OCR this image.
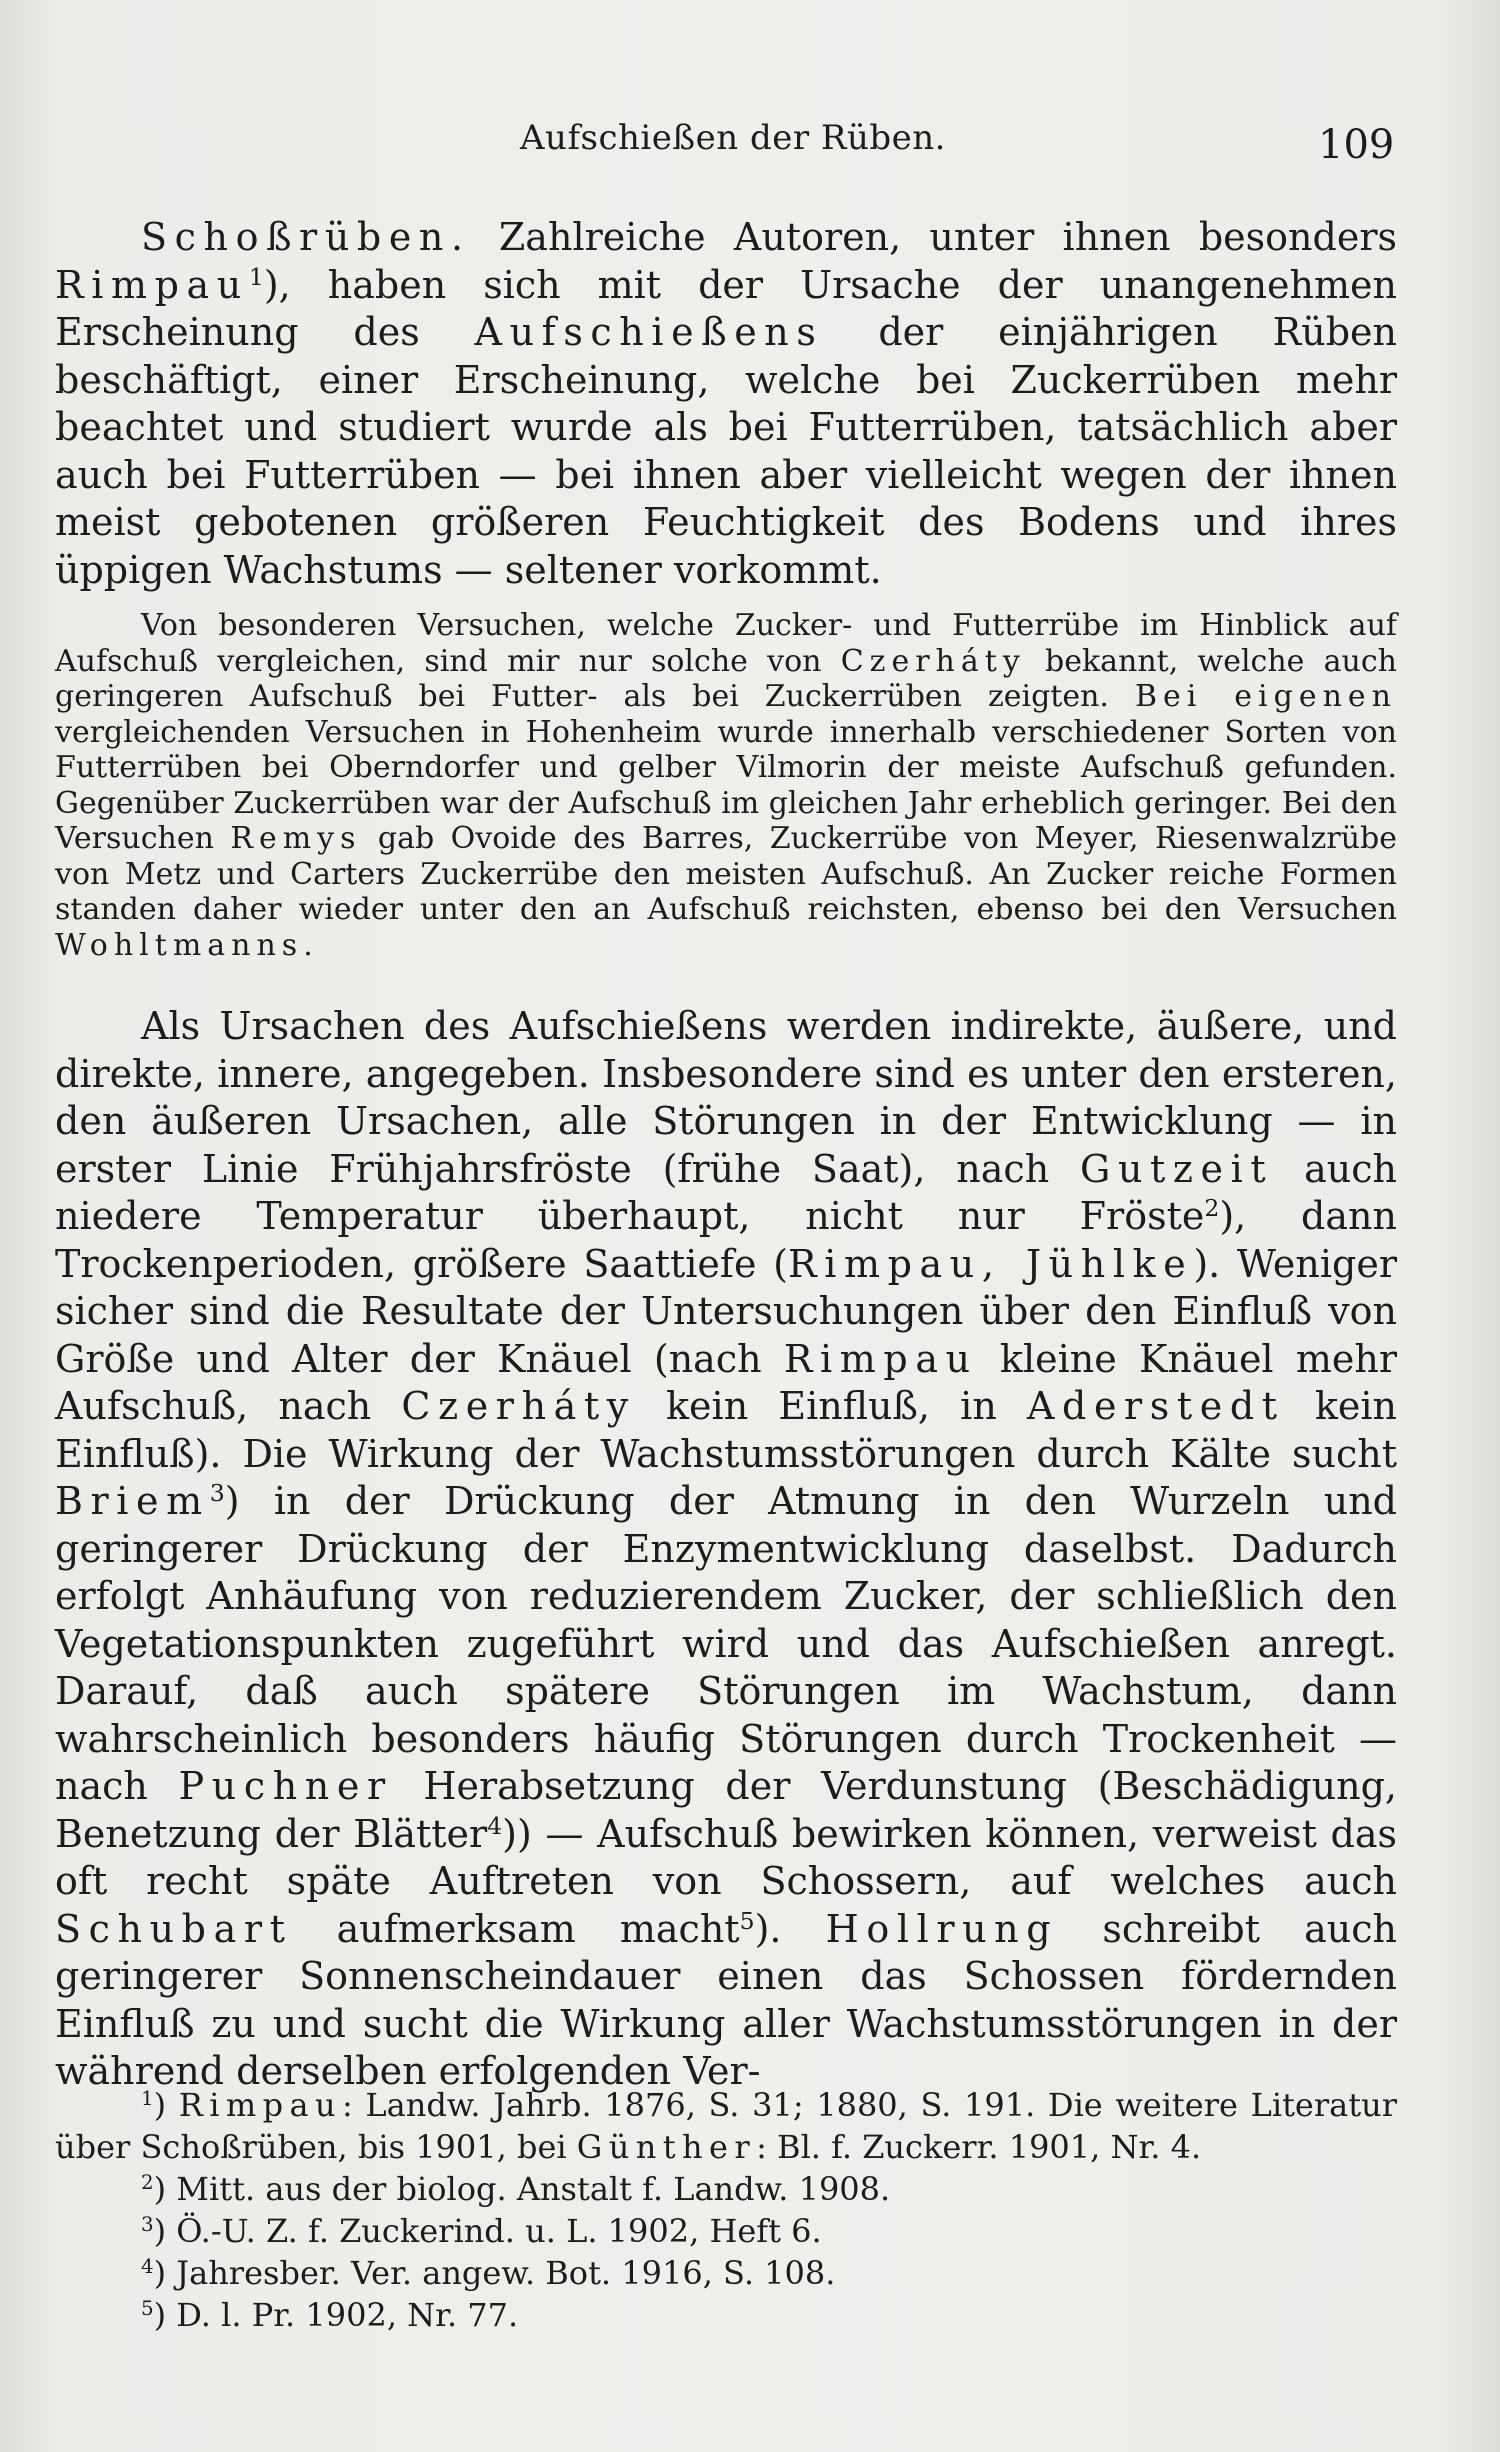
Aufschießen der Rüben.	109

Schoßrüben. Zahlreiche Autoren, unter ihnen besonders Rimpau$^1$), haben sich mit der Ursache der unangenehmen Erscheinung des Aufschießens der einjährigen Rüben beschäftigt, einer Erscheinung, welche bei Zuckerrüben mehr beachtet und studiert wurde als bei Futterrüben, tatsächlich aber auch bei Futterrüben — bei ihnen aber vielleicht wegen der ihnen meist gebotenen größeren Feuchtigkeit des Bodens und ihres üppigen Wachstums — seltener vorkommt.

Von besonderen Versuchen, welche Zucker- und Futterrübe im Hinblick auf Aufschuß vergleichen, sind mir nur solche von Czerháty bekannt, welche auch geringeren Aufschuß bei Futter- als bei Zuckerrüben zeigten. Bei eigenen vergleichenden Versuchen in Hohenheim wurde innerhalb verschiedener Sorten von Futterrüben bei Oberndorfer und gelber Vilmorin der meiste Aufschuß gefunden. Gegenüber Zuckerrüben war der Aufschuß im gleichen Jahr erheblich geringer. Bei den Versuchen Remys gab Ovoide des Barres, Zuckerrübe von Meyer, Riesenwalzrübe von Metz und Carters Zuckerrübe den meisten Aufschuß. An Zucker reiche Formen standen daher wieder unter den an Aufschuß reichsten, ebenso bei den Versuchen Wohltmanns.

Als Ursachen des Aufschießens werden indirekte, äußere, und direkte, innere, angegeben. Insbesondere sind es unter den ersteren, den äußeren Ursachen, alle Störungen in der Entwicklung — in erster Linie Frühjahrsfröste (frühe Saat), nach Gutzeit auch niedere Temperatur überhaupt, nicht nur Fröste$^2$), dann Trockenperioden, größere Saattiefe (Rimpau, Jühlke). Weniger sicher sind die Resultate der Untersuchungen über den Einfluß von Größe und Alter der Knäuel (nach Rimpau kleine Knäuel mehr Aufschuß, nach Czerháty kein Einfluß, in Aderstedt kein Einfluß). Die Wirkung der Wachstumsstörungen durch Kälte sucht Briem$^3$) in der Drückung der Atmung in den Wurzeln und geringerer Drückung der Enzymentwicklung daselbst. Dadurch erfolgt Anhäufung von reduzierendem Zucker, der schließlich den Vegetationspunkten zugeführt wird und das Aufschießen anregt. Darauf, daß auch spätere Störungen im Wachstum, dann wahrscheinlich besonders häufig Störungen durch Trockenheit — nach Puchner Herabsetzung der Verdunstung (Beschädigung, Benetzung der Blätter$^4$)) — Aufschuß bewirken können, verweist das oft recht späte Auftreten von Schossern, auf welches auch Schubart aufmerksam macht$^5$). Hollrung schreibt auch geringerer Sonnenscheindauer einen das Schossen fördernden Einfluß zu und sucht die Wirkung aller Wachstumsstörungen in der während derselben erfolgenden Ver-

$^1$) Rimpau: Landw. Jahrb. 1876, S. 31; 1880, S. 191. Die weitere Literatur über Schoßrüben, bis 1901, bei Günther: Bl. f. Zuckerr. 1901, Nr. 4.

$^2$) Mitt. aus der biolog. Anstalt f. Landw. 1908.

$^3$) Ö.-U. Z. f. Zuckerind. u. L. 1902, Heft 6.

$^4$) Jahresber. Ver. angew. Bot. 1916, S. 108.

$^5$) D. l. Pr. 1902, Nr. 77.
